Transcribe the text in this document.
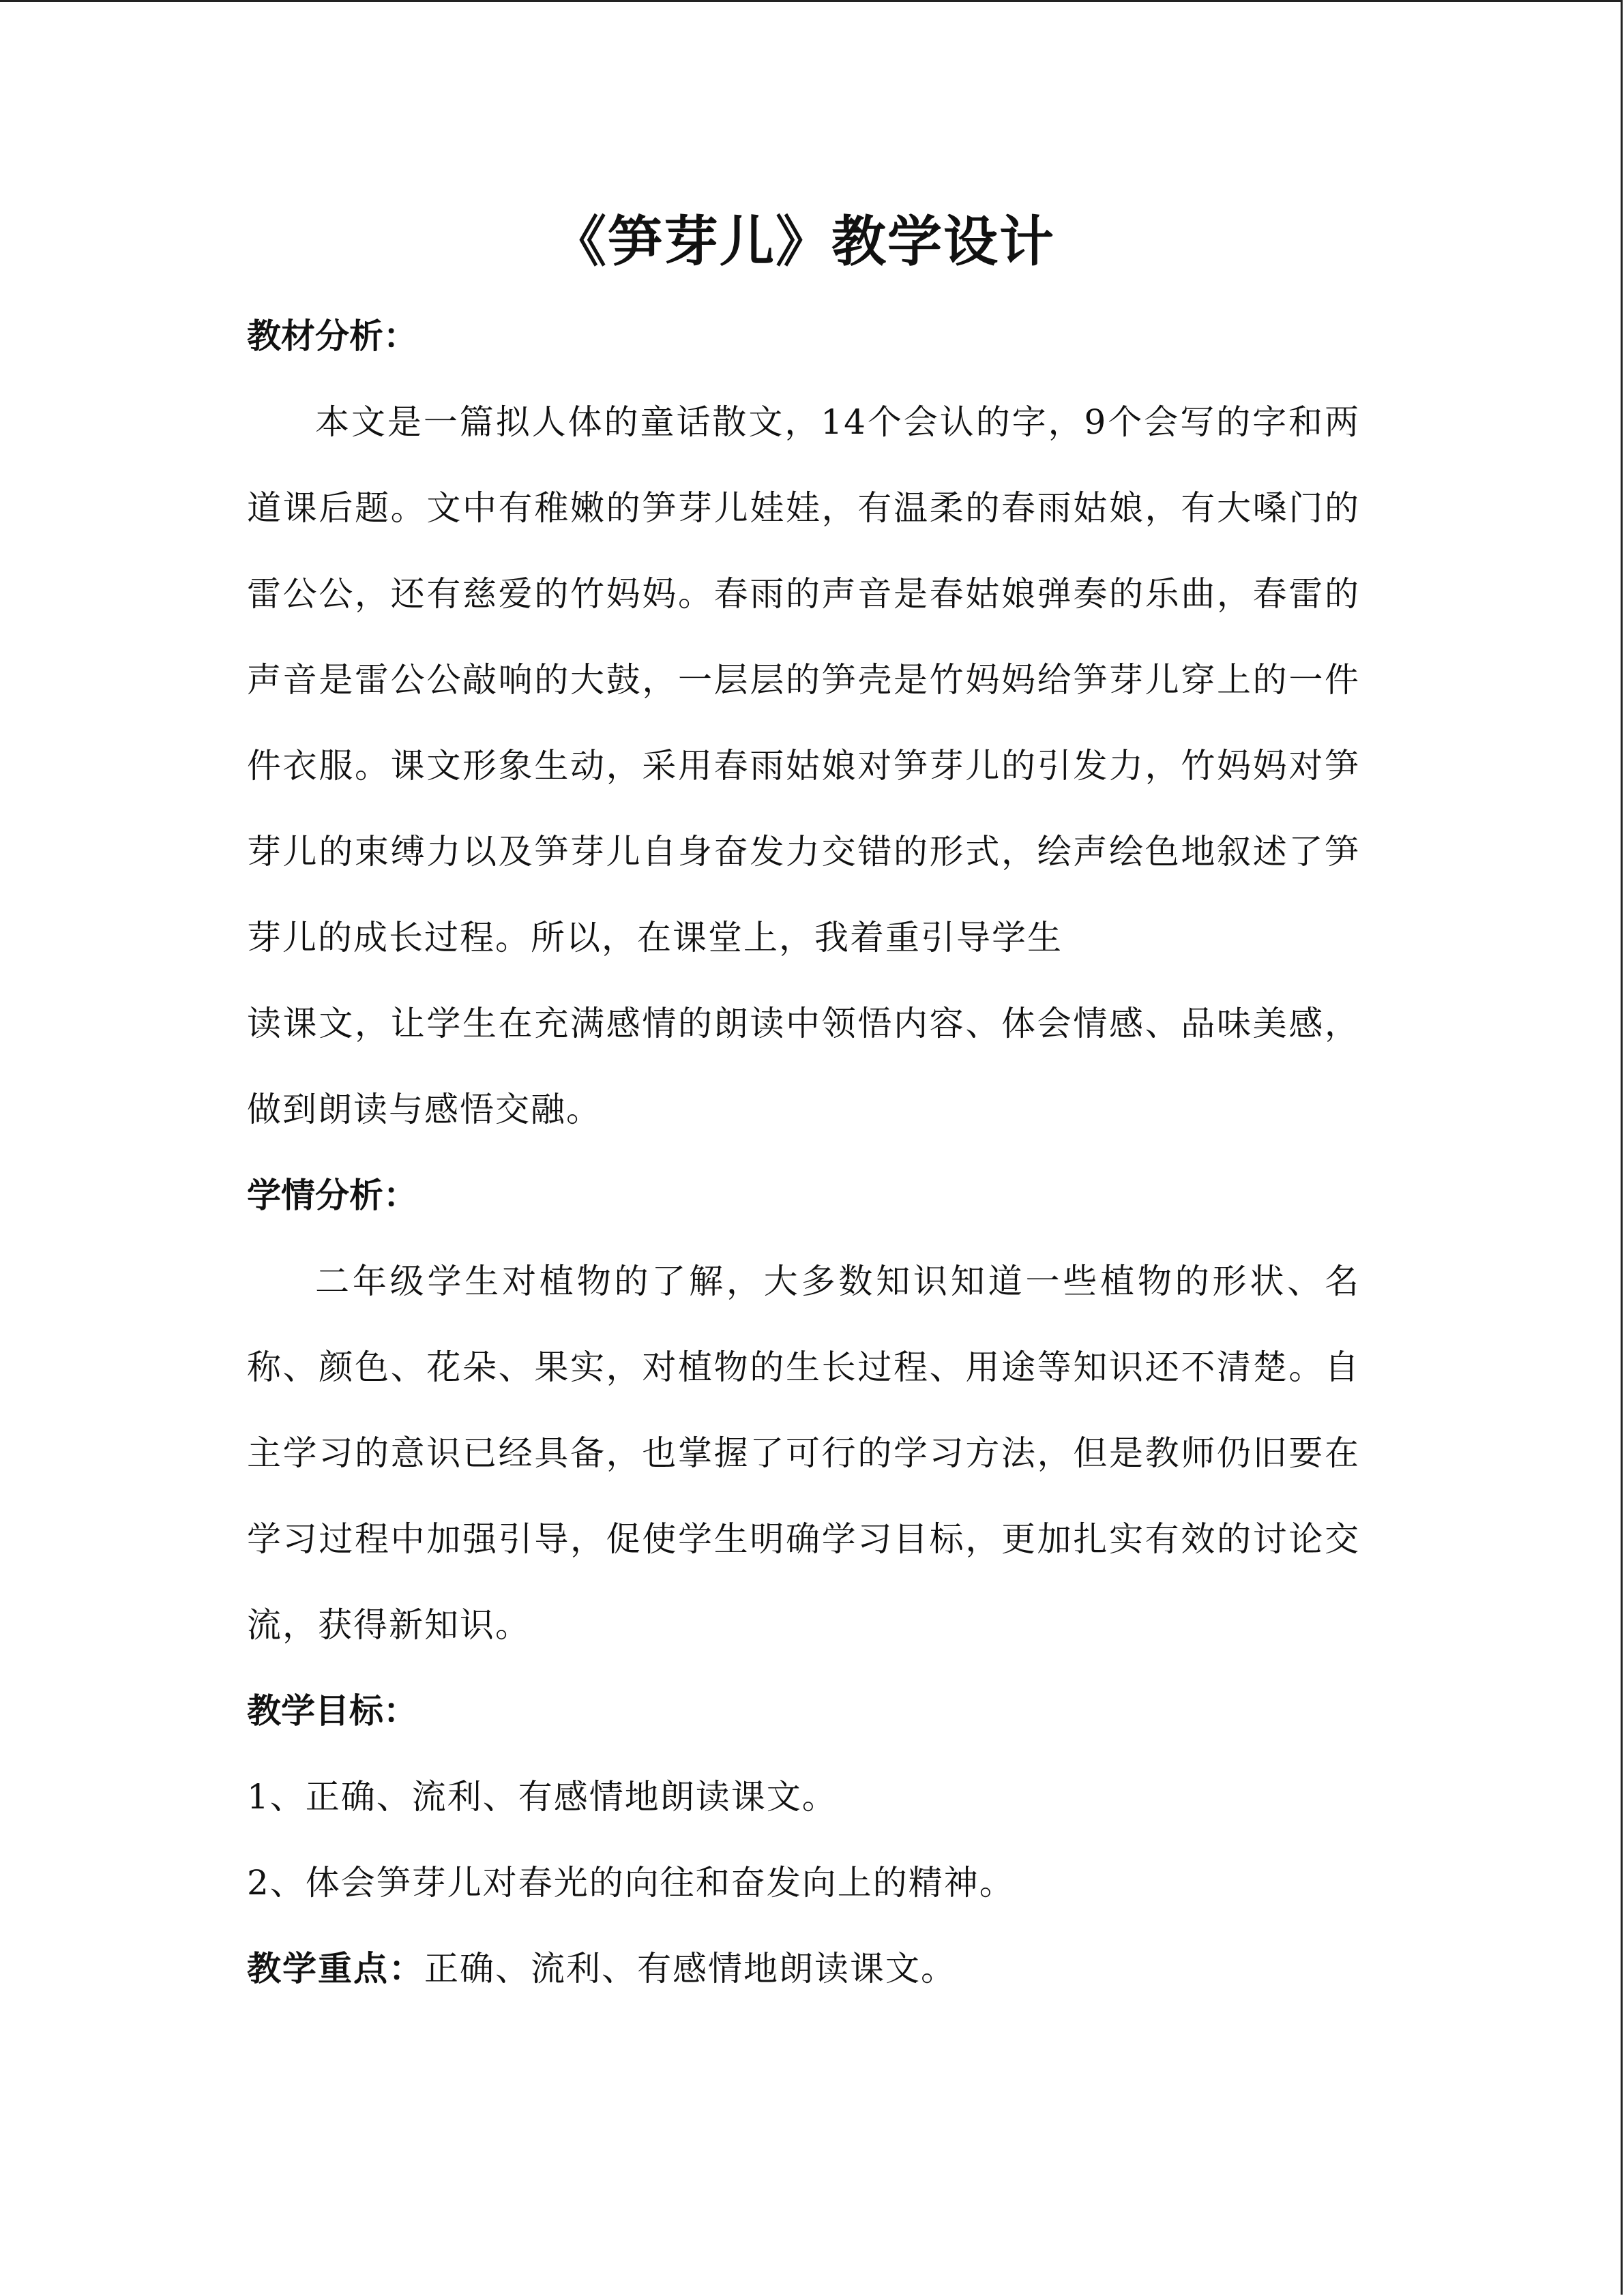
《笋芽儿》教学设计

教材分析：

本文是一篇拟人体的童话散文，14个会认的字，9个会写的字和两道课后题。文中有稚嫩的笋芽儿娃娃，有温柔的春雨姑娘，有大嗓门的雷公公，还有慈爱的竹妈妈。春雨的声音是春姑娘弹奏的乐曲，春雷的声音是雷公公敲响的大鼓，一层层的笋壳是竹妈妈给笋芽儿穿上的一件件衣服。课文形象生动，采用春雨姑娘对笋芽儿的引发力，竹妈妈对笋芽儿的束缚力以及笋芽儿自身奋发力交错的形式，绘声绘色地叙述了笋芽儿的成长过程。所以，在课堂上，我着重引导学生

读课文，让学生在充满感情的朗读中领悟内容、体会情感、品味美感，做到朗读与感悟交融。

学情分析：

二年级学生对植物的了解，大多数知识知道一些植物的形状、名称、颜色、花朵、果实，对植物的生长过程、用途等知识还不清楚。自主学习的意识已经具备，也掌握了可行的学习方法，但是教师仍旧要在学习过程中加强引导，促使学生明确学习目标，更加扎实有效的讨论交流，获得新知识。

教学目标：

1、正确、流利、有感情地朗读课文。

2、体会笋芽儿对春光的向往和奋发向上的精神。

教学重点：正确、流利、有感情地朗读课文。
